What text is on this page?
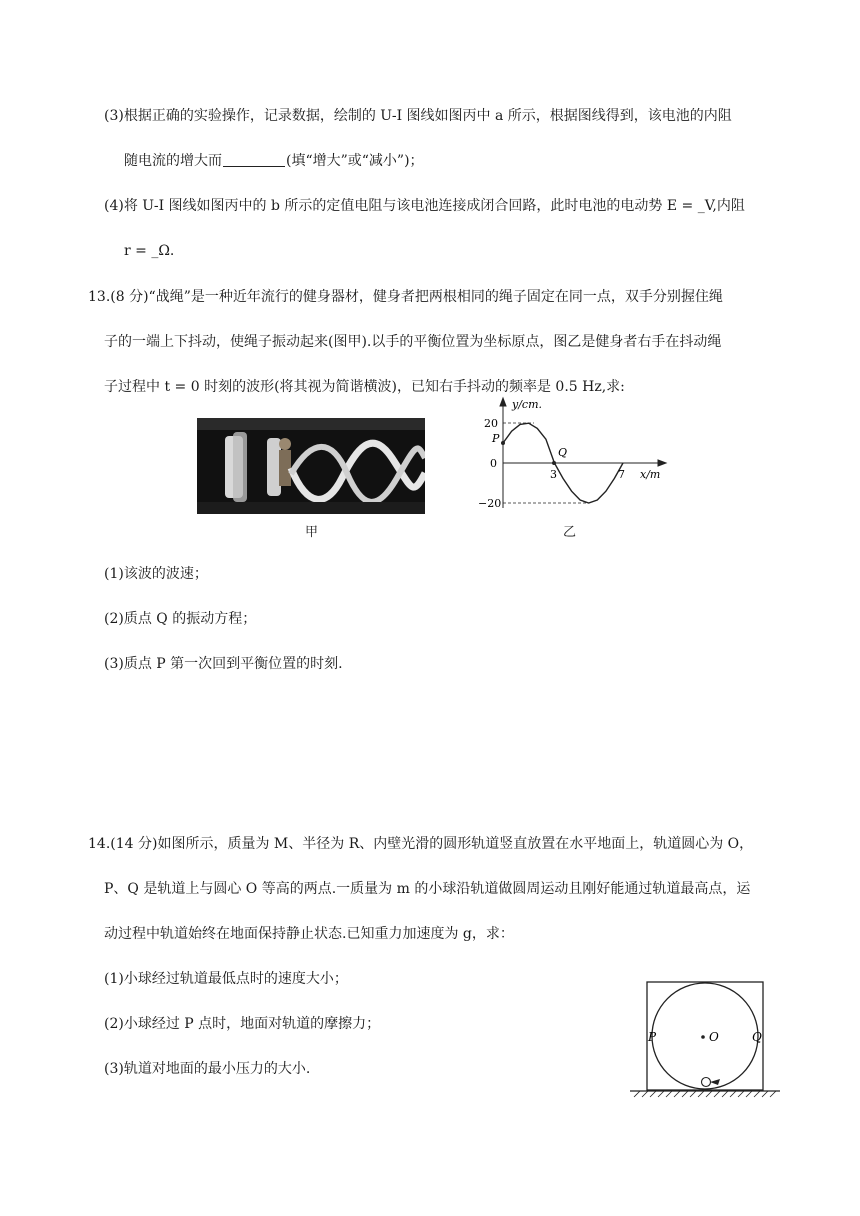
(3)根据正确的实验操作，记录数据，绘制的 U-I 图线如图丙中 a 所示，根据图线得到，该电池的内阻
随电流的增大而	(填“增大”或“减小”)；
(4)将 U-I 图线如图丙中的 b 所示的定值电阻与该电池连接成闭合回路，此时电池的电动势 E = _V,内阻
r = _Ω.
13.(8 分)“战绳”是一种近年流行的健身器材，健身者把两根相同的绳子固定在同一点，双手分别握住绳
子的一端上下抖动，使绳子振动起来(图甲).以手的平衡位置为坐标原点，图乙是健身者右手在抖动绳
子过程中 t = 0 时刻的波形(将其视为简谐横波)，已知右手抖动的频率是 0.5 Hz,求:
甲
y/cm.
x/m
20
0
−20
3	7
P
Q
乙
(1)该波的波速；
(2)质点 Q 的振动方程；
(3)质点 P 第一次回到平衡位置的时刻.
14.(14 分)如图所示，质量为 M、半径为 R、内壁光滑的圆形轨道竖直放置在水平地面上，轨道圆心为 O，
P、Q 是轨道上与圆心 O 等高的两点.一质量为 m 的小球沿轨道做圆周运动且刚好能通过轨道最高点，运
动过程中轨道始终在地面保持静止状态.已知重力加速度为 g，求：
(1)小球经过轨道最低点时的速度大小；
(2)小球经过 P 点时，地面对轨道的摩擦力；
(3)轨道对地面的最小压力的大小.
P	Q
O
